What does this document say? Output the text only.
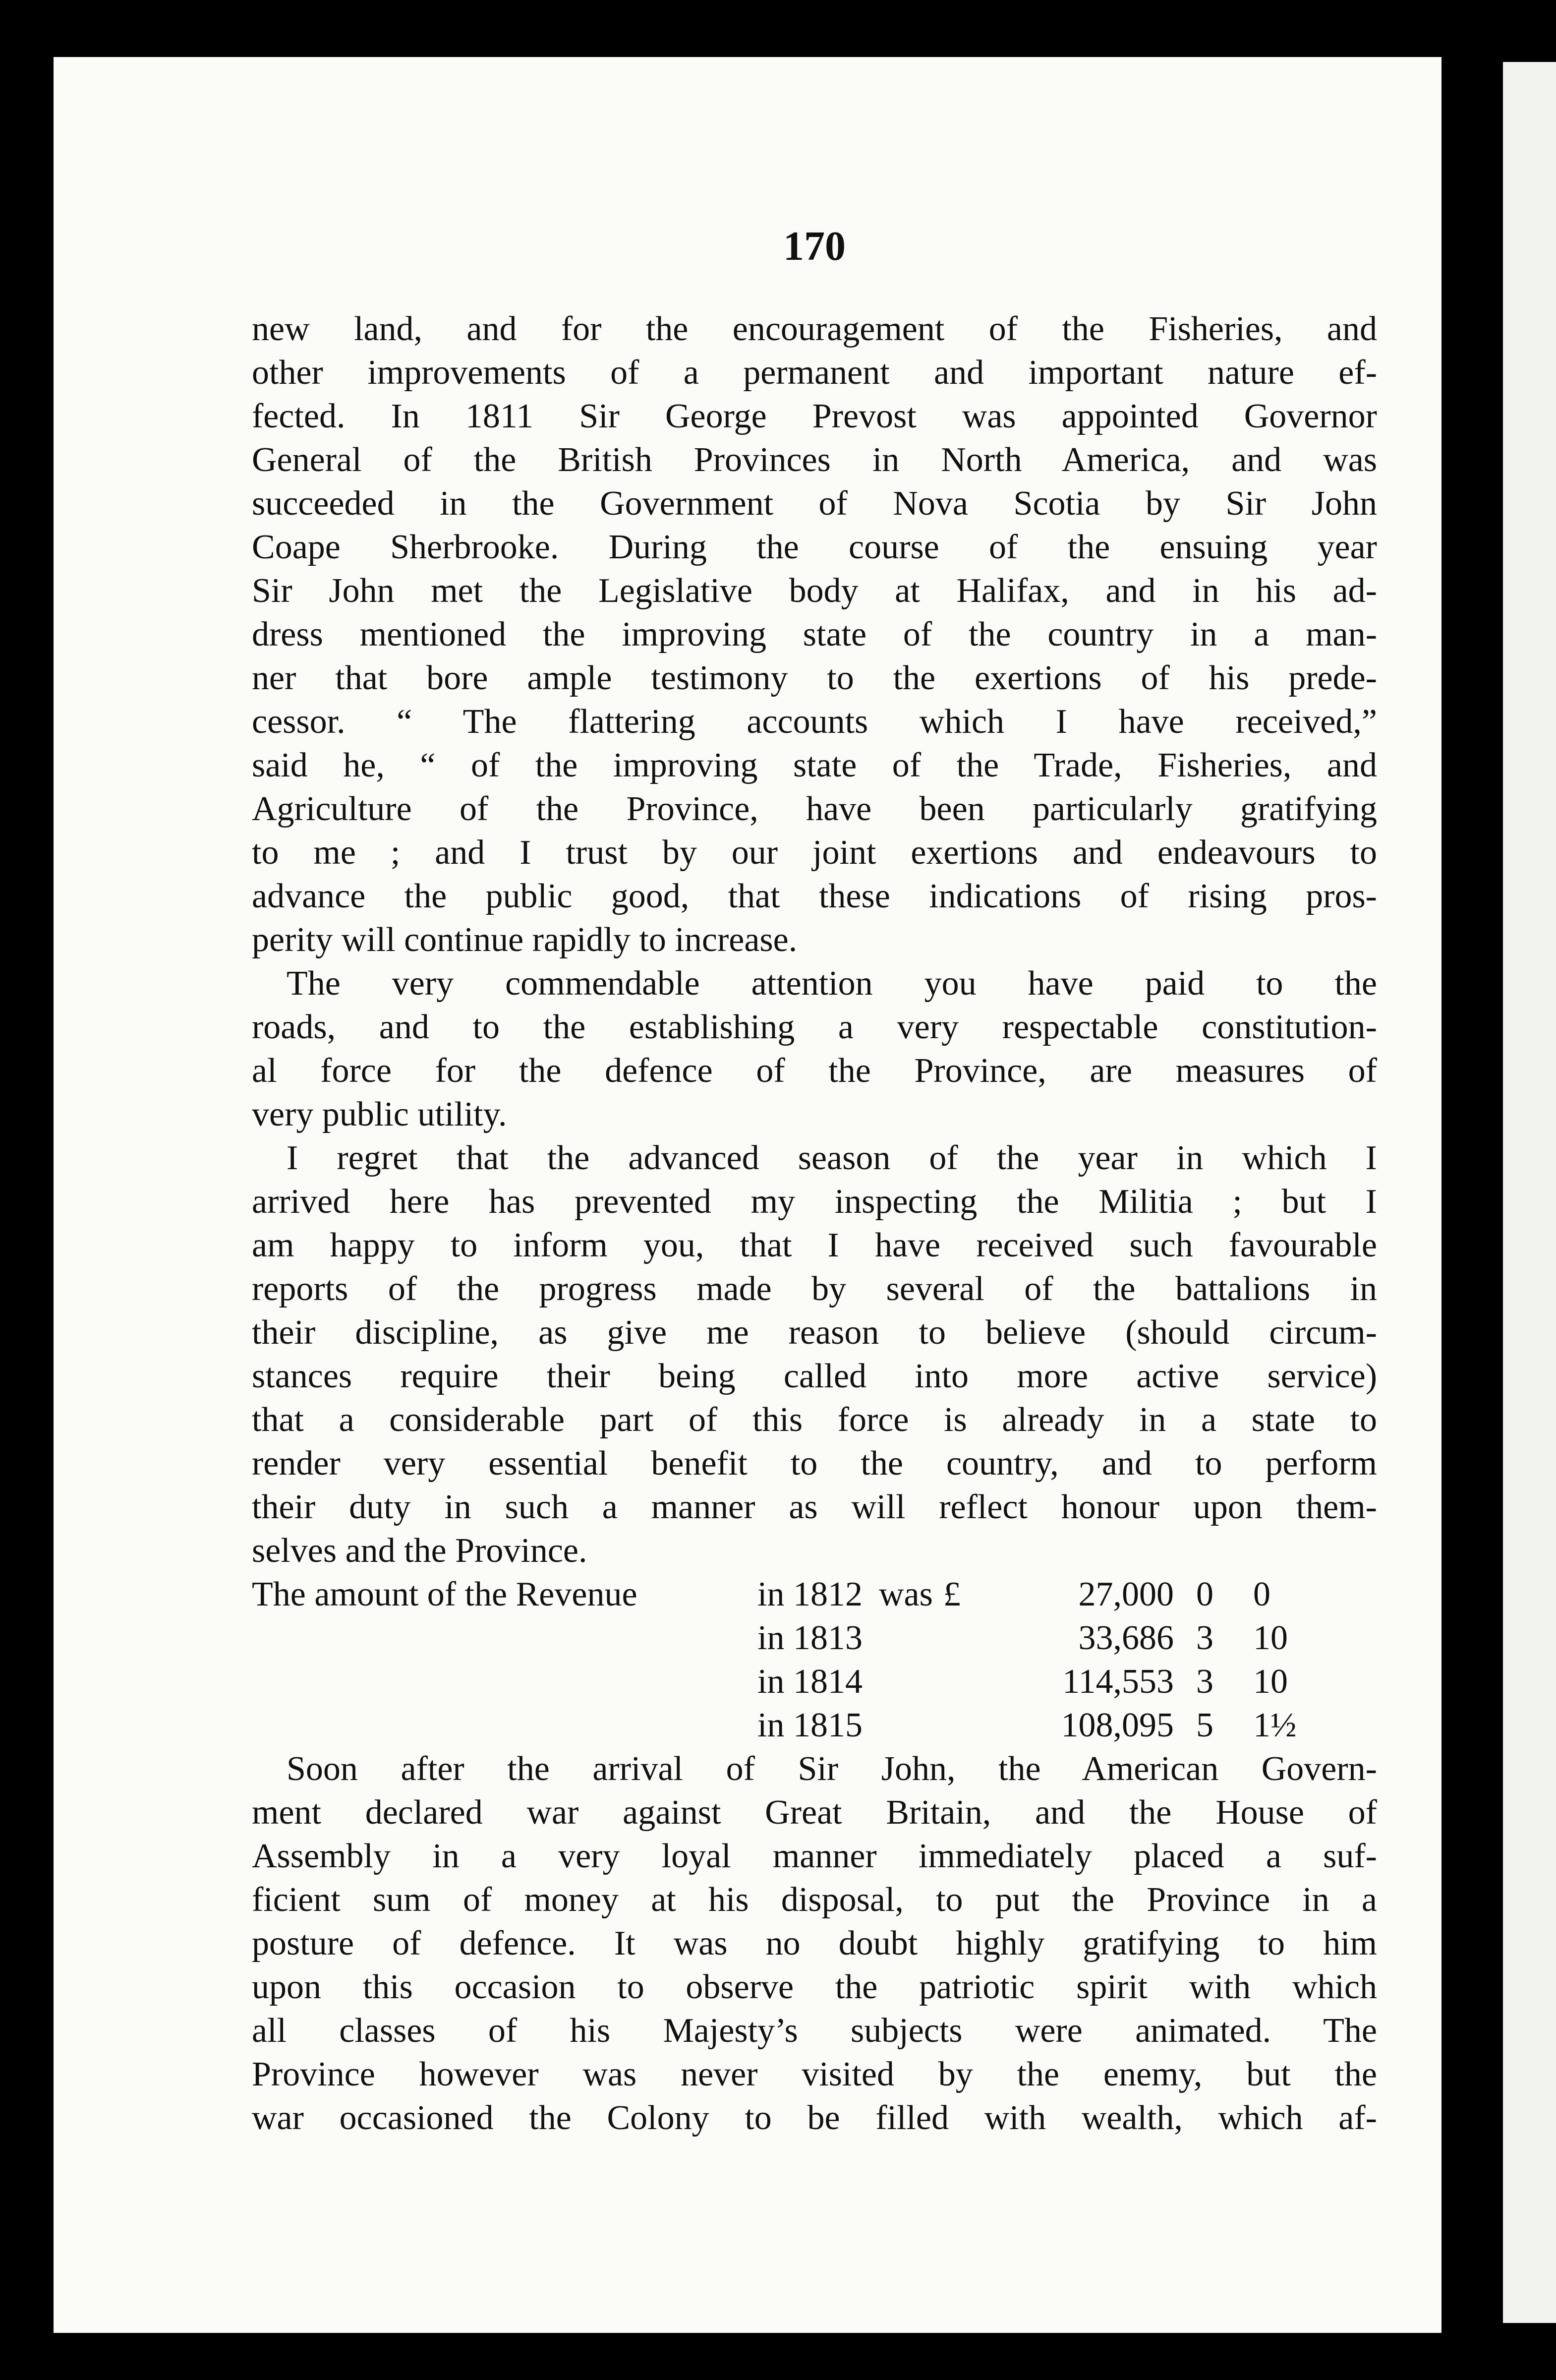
170
new land, and for the encouragement of the Fisheries, and
other improvements of a permanent and important nature ef-
fected. In 1811 Sir George Prevost was appointed Governor
General of the British Provinces in North America, and was
succeeded in the Government of Nova Scotia by Sir John
Coape Sherbrooke. During the course of the ensuing year
Sir John met the Legislative body at Halifax, and in his ad-
dress mentioned the improving state of the country in a man-
ner that bore ample testimony to the exertions of his prede-
cessor. “ The flattering accounts which I have received,”
said he, “ of the improving state of the Trade, Fisheries, and
Agriculture of the Province, have been particularly gratifying
to me ; and I trust by our joint exertions and endeavours to
advance the public good, that these indications of rising pros-
perity will continue rapidly to increase.
The very commendable attention you have paid to the
roads, and to the establishing a very respectable constitution-
al force for the defence of the Province, are measures of
very public utility.
I regret that the advanced season of the year in which I
arrived here has prevented my inspecting the Militia ; but I
am happy to inform you, that I have received such favourable
reports of the progress made by several of the battalions in
their discipline, as give me reason to believe (should circum-
stances require their being called into more active service)
that a considerable part of this force is already in a state to
render very essential benefit to the country, and to perform
their duty in such a manner as will reflect honour upon them-
selves and the Province.
The amount of the Revenue	in 1812 was £	27,000 0 0
in 1813	33,686 3 10
in 1814	114,553 3 10
in 1815	108,095 5 1½
Soon after the arrival of Sir John, the American Govern-
ment declared war against Great Britain, and the House of
Assembly in a very loyal manner immediately placed a suf-
ficient sum of money at his disposal, to put the Province in a
posture of defence. It was no doubt highly gratifying to him
upon this occasion to observe the patriotic spirit with which
all classes of his Majesty’s subjects were animated. The
Province however was never visited by the enemy, but the
war occasioned the Colony to be filled with wealth, which af-
